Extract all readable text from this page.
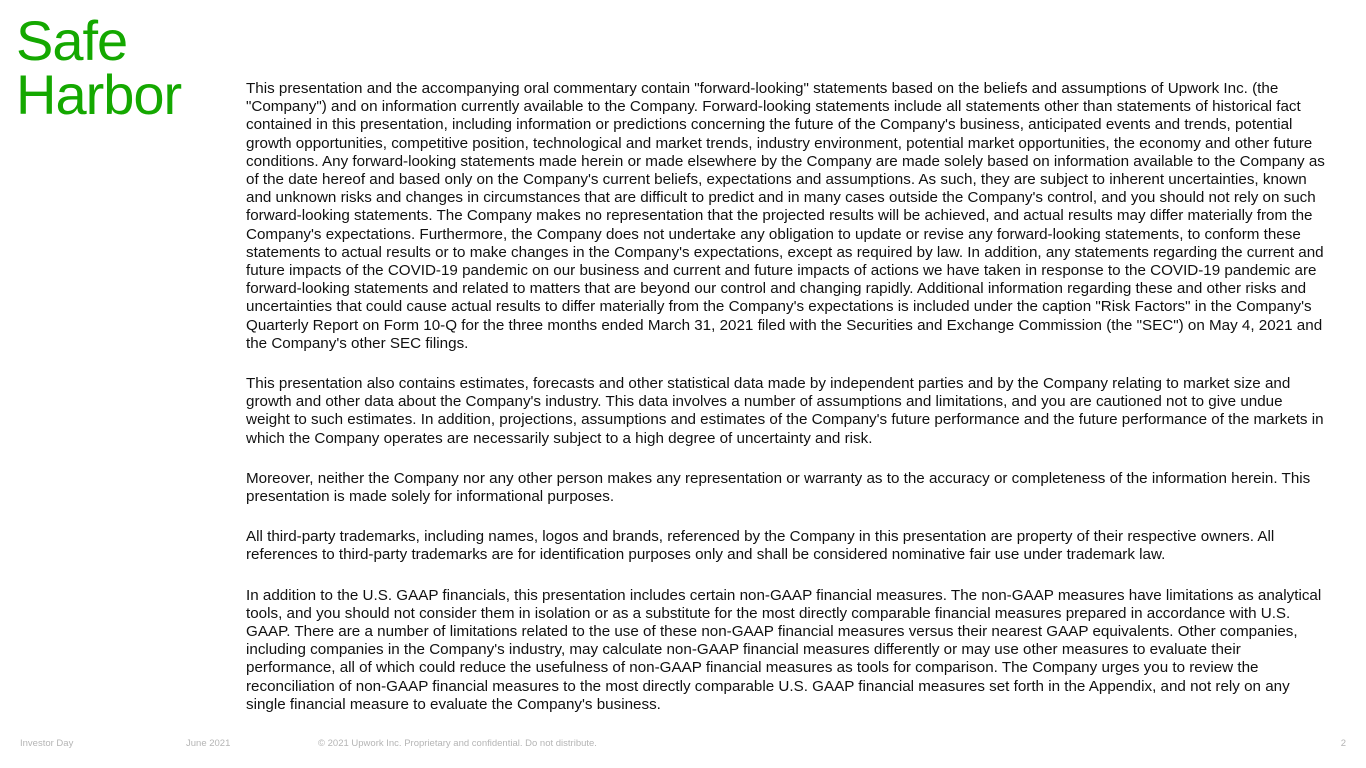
Safe
Harbor	This presentation and the accompanying oral commentary contain "forward-looking" statements based on the beliefs and assumptions of Upwork Inc. (the "Company") and on information currently available to the Company. Forward-looking statements include all statements other than statements of historical fact contained in this presentation, including information or predictions concerning the future of the Company's business, anticipated events and trends, potential growth opportunities, competitive position, technological and market trends, industry environment, potential market opportunities, the economy and other future conditions. Any forward-looking statements made herein or made elsewhere by the Company are made solely based on information available to the Company as of the date hereof and based only on the Company's current beliefs, expectations and assumptions. As such, they are subject to inherent uncertainties, known and unknown risks and changes in circumstances that are difficult to predict and in many cases outside the Company's control, and you should not rely on such forward-looking statements. The Company makes no representation that the projected results will be achieved, and actual results may differ materially from the Company's expectations. Furthermore, the Company does not undertake any obligation to update or revise any forward-looking statements, to conform these statements to actual results or to make changes in the Company's expectations, except as required by law. In addition, any statements regarding the current and future impacts of the COVID-19 pandemic on our business and current and future impacts of actions we have taken in response to the COVID-19 pandemic are forward-looking statements and related to matters that are beyond our control and changing rapidly. Additional information regarding these and other risks and uncertainties that could cause actual results to differ materially from the Company's expectations is included under the caption "Risk Factors" in the Company's Quarterly Report on Form 10-Q for the three months ended March 31, 2021 filed with the Securities and Exchange Commission (the "SEC") on May 4, 2021 and the Company's other SEC filings.

This presentation also contains estimates, forecasts and other statistical data made by independent parties and by the Company relating to market size and growth and other data about the Company's industry. This data involves a number of assumptions and limitations, and you are cautioned not to give undue weight to such estimates. In addition, projections, assumptions and estimates of the Company's future performance and the future performance of the markets in which the Company operates are necessarily subject to a high degree of uncertainty and risk.

Moreover, neither the Company nor any other person makes any representation or warranty as to the accuracy or completeness of the information herein. This presentation is made solely for informational purposes.

All third-party trademarks, including names, logos and brands, referenced by the Company in this presentation are property of their respective owners. All references to third-party trademarks are for identification purposes only and shall be considered nominative fair use under trademark law.

In addition to the U.S. GAAP financials, this presentation includes certain non-GAAP financial measures. The non-GAAP measures have limitations as analytical tools, and you should not consider them in isolation or as a substitute for the most directly comparable financial measures prepared in accordance with U.S. GAAP. There are a number of limitations related to the use of these non-GAAP financial measures versus their nearest GAAP equivalents. Other companies, including companies in the Company's industry, may calculate non-GAAP financial measures differently or may use other measures to evaluate their performance, all of which could reduce the usefulness of non-GAAP financial measures as tools for comparison. The Company urges you to review the reconciliation of non-GAAP financial measures to the most directly comparable U.S. GAAP financial measures set forth in the Appendix, and not rely on any single financial measure to evaluate the Company's business.

Investor Day	June 2021	© 2021 Upwork Inc. Proprietary and confidential. Do not distribute.	2
